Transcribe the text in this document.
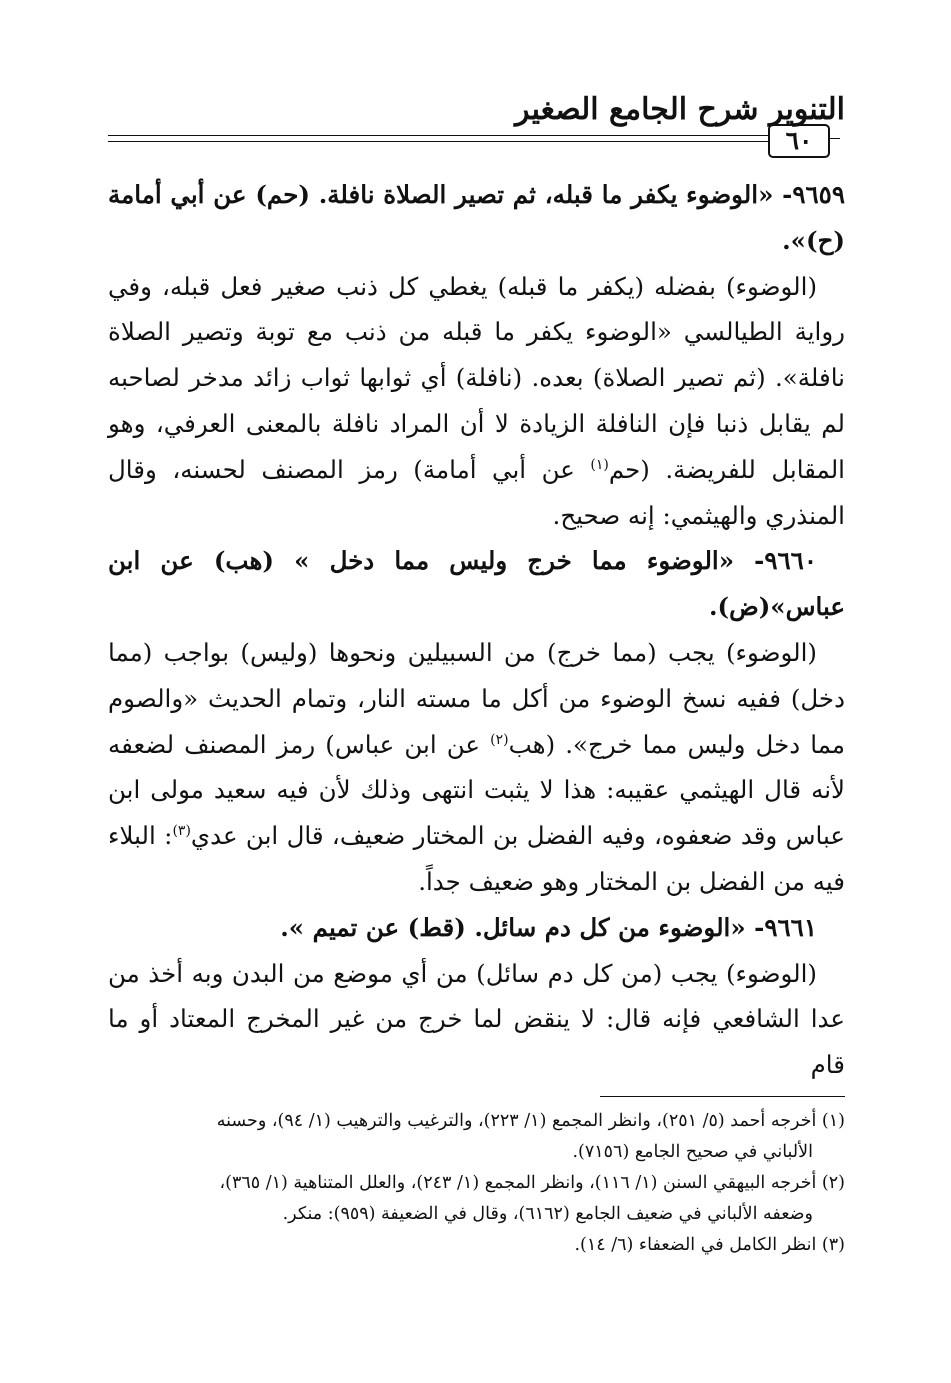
التنوير شرح الجامع الصغير
٦٠

٩٦٥٩- «الوضوء يكفر ما قبله، ثم تصير الصلاة نافلة. (حم) عن أبي أمامة (ح)».

(الوضوء) بفضله (يكفر ما قبله) يغطي كل ذنب صغير فعل قبله، وفي رواية الطيالسي «الوضوء يكفر ما قبله من ذنب مع توبة وتصير الصلاة نافلة». (ثم تصير الصلاة) بعده. (نافلة) أي ثوابها ثواب زائد مدخر لصاحبه لم يقابل ذنبا فإن النافلة الزيادة لا أن المراد نافلة بالمعنى العرفي، وهو المقابل للفريضة. (حم$^{(١)}$ عن أبي أمامة) رمز المصنف لحسنه، وقال المنذري والهيثمي: إنه صحيح.

٩٦٦٠- «الوضوء مما خرج وليس مما دخل » (هب) عن ابن عباس»(ض).

(الوضوء) يجب (مما خرج) من السبيلين ونحوها (وليس) بواجب (مما دخل) ففيه نسخ الوضوء من أكل ما مسته النار، وتمام الحديث «والصوم مما دخل وليس مما خرج». (هب$^{(٢)}$ عن ابن عباس) رمز المصنف لضعفه لأنه قال الهيثمي عقيبه: هذا لا يثبت انتهى وذلك لأن فيه سعيد مولى ابن عباس وقد ضعفوه، وفيه الفضل بن المختار ضعيف، قال ابن عدي$^{(٣)}$: البلاء فيه من الفضل بن المختار وهو ضعيف جداً.

٩٦٦١- «الوضوء من كل دم سائل. (قط) عن تميم ».

(الوضوء) يجب (من كل دم سائل) من أي موضع من البدن وبه أخذ من عدا الشافعي فإنه قال: لا ينقض لما خرج من غير المخرج المعتاد أو ما قام

(١) أخرجه أحمد (٥/ ٢٥١)، وانظر المجمع (١/ ٢٢٣)، والترغيب والترهيب (١/ ٩٤)، وحسنه

الألباني في صحيح الجامع (٧١٥٦).

(٢) أخرجه البيهقي السنن (١/ ١١٦)، وانظر المجمع (١/ ٢٤٣)، والعلل المتناهية (١/ ٣٦٥)،

وضعفه الألباني في ضعيف الجامع (٦١٦٢)، وقال في الضعيفة (٩٥٩): منكر.

(٣) انظر الكامل في الضعفاء (٦/ ١٤).
